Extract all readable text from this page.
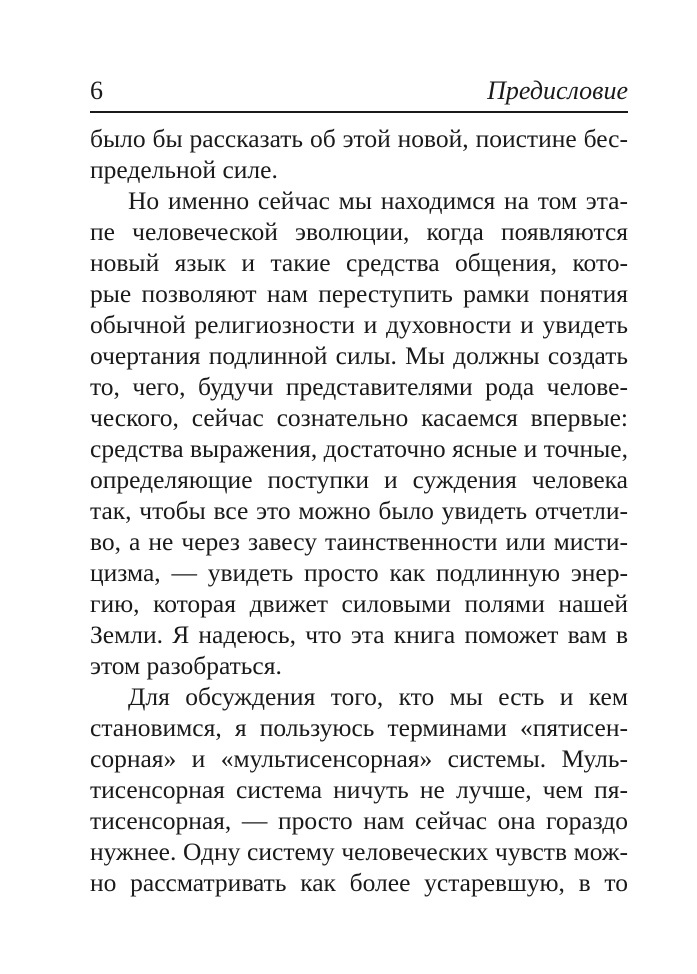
6	Предисловие
было бы рассказать об этой новой, поистине бес-
предельной силе.
Но именно сейчас мы находимся на том эта-
пе человеческой эволюции, когда появляются
новый язык и такие средства общения, кото-
рые позволяют нам переступить рамки понятия
обычной религиозности и духовности и увидеть
очертания подлинной силы. Мы должны создать
то, чего, будучи представителями рода челове-
ческого, сейчас сознательно касаемся впервые:
средства выражения, достаточно ясные и точные,
определяющие поступки и суждения человека
так, чтобы все это можно было увидеть отчетли-
во, а не через завесу таинственности или мисти-
цизма, — увидеть просто как подлинную энер-
гию, которая движет силовыми полями нашей
Земли. Я надеюсь, что эта книга поможет вам в
этом разобраться.
Для обсуждения того, кто мы есть и кем
становимся, я пользуюсь терминами «пятисен-
сорная» и «мультисенсорная» системы. Муль-
тисенсорная система ничуть не лучше, чем пя-
тисенсорная, — просто нам сейчас она гораздо
нужнее. Одну систему человеческих чувств мож-
но рассматривать как более устаревшую, в то
